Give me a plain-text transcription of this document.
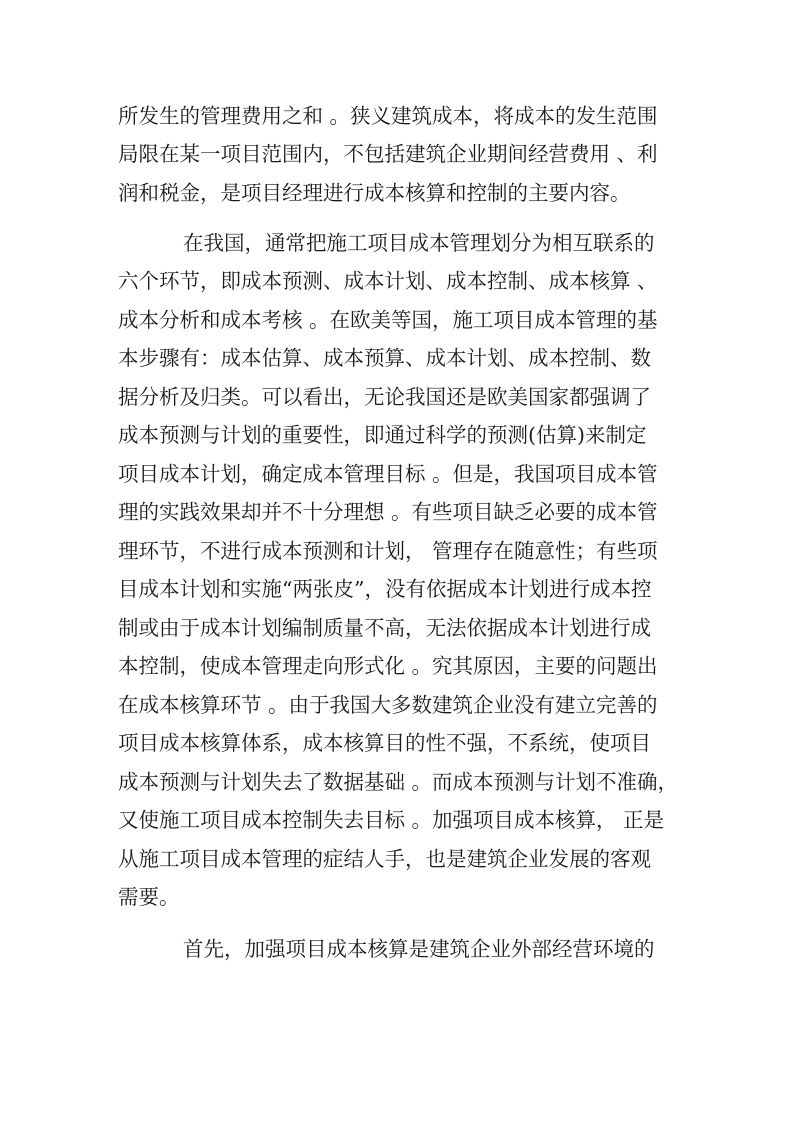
所发生的管理费用之和 。狭义建筑成本，将成本的发生范围
局限在某一项目范围内，不包括建筑企业期间经营费用 、利
润和税金，是项目经理进行成本核算和控制的主要内容。
在我国，通常把施工项目成本管理划分为相互联系的
六个环节，即成本预测、成本计划、成本控制、成本核算 、
成本分析和成本考核 。在欧美等国，施工项目成本管理的基
本步骤有：成本估算、成本预算、成本计划、成本控制、数
据分析及归类。可以看出，无论我国还是欧美国家都强调了
成本预测与计划的重要性，即通过科学的预测(估算)来制定
项目成本计划，确定成本管理目标 。但是，我国项目成本管
理的实践效果却并不十分理想 。有些项目缺乏必要的成本管
理环节，不进行成本预测和计划， 管理存在随意性；有些项
目成本计划和实施“两张皮”，没有依据成本计划进行成本控
制或由于成本计划编制质量不高，无法依据成本计划进行成
本控制，使成本管理走向形式化 。究其原因，主要的问题出
在成本核算环节 。由于我国大多数建筑企业没有建立完善的
项目成本核算体系，成本核算目的性不强，不系统，使项目
成本预测与计划失去了数据基础 。而成本预测与计划不准确，
又使施工项目成本控制失去目标 。加强项目成本核算， 正是
从施工项目成本管理的症结人手，也是建筑企业发展的客观
需要。
首先，加强项目成本核算是建筑企业外部经营环境的
